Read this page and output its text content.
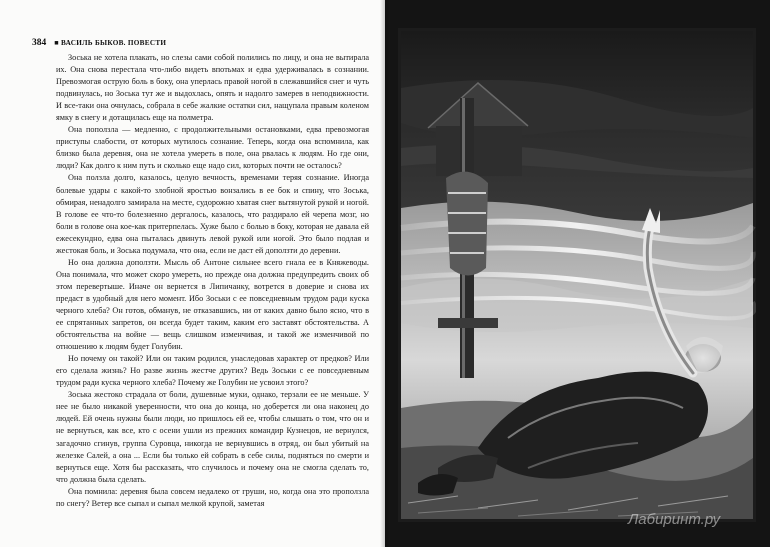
384 ■ ВАСИЛЬ БЫКОВ. ПОВЕСТИ

Зоська не хотела плакать, но слезы сами собой полились по лицу, и она не вытирала их. Она снова перестала что-либо видеть впотьмах и едва удерживалась в сознании. Превозмогая острую боль в боку, она уперлась правой ногой в слежавшийся снег и чуть подвинулась, но Зоська тут же и выдохлась, опять и надолго замерев в неподвижности. И все-таки она очнулась, собрала в себе жалкие остатки сил, нащупала правым коленом ямку в снегу и дотащилась еще на полметра.

Она поползла — медленно, с продолжительными остановками, едва превозмогая приступы слабости, от которых мутилось сознание. Теперь, когда она вспомнила, как близко была деревня, она не хотела умереть в поле, она рвалась к людям. Но где они, люди? Как долго к ним путь и сколько еще надо сил, которых почти не осталось?

Она ползла долго, казалось, целую вечность, временами теряя сознание. Иногда болевые удары с какой-то злобной яростью вонзались в ее бок и спину, что Зоська, обмирая, ненадолго замирала на месте, судорожно хватая снег вытянутой рукой и ногой. В голове ее что-то болезненно дергалось, казалось, что раздирало ей черепа мозг, но боли в голове она кое-как притерпелась. Хуже было с болью в боку, которая не давала ей ежесекундно, едва она пыталась двинуть левой рукой или ногой. Это было подлая и жестокая боль, и Зоська подумала, что она, если не даст ей доползти до деревни.

Но она должна доползти. Мысль об Антоне сильнее всего гнала ее в Княжеводы. Она понимала, что может скоро умереть, но прежде она должна предупредить своих об этом перевертыше. Иначе он вернется в Липичанку, вотрется в доверие и снова их предаст в удобный для него момент. Ибо Зоськи с ее повседневным трудом ради куска черного хлеба? Он готов, обманув, не отказавшись, ни от каких давно было ясно, что в ее спрятанных запретов, он всегда будет таким, каким его заставят обстоятельства. А обстоятельства на войне — вещь слишком изменчивая, и такой же изменчивой по отношению к людям будет Голубин.

Но почему он такой? Или он таким родился, унаследовав характер от предков? Или его сделала жизнь? Но разве жизнь жестче других? Ведь Зоськи с ее повседневным трудом ради куска черного хлеба? Почему же Голубин не усвоил этого?

Зоська жестоко страдала от боли, душевные муки, однако, терзали ее не меньше. У нее не было никакой уверенности, что она до конца, но доберется ли она наконец до людей. Ей очень нужны были люди, но пришлось ей ее, чтобы слышать о том, что он и не вернуться, как все, кто с осени ушли из прежних командир Кузнецов, не вернулся, загадочно сгинув, группа Суровца, никогда не вернувшись в отряд, он был убитый на железке Салей, а она ... Если бы только ей собрать в себе силы, подняться по смерти и вернуться еще. Хотя бы рассказать, что случилось и почему она не смогла сделать то, что должна была сделать.

Она помнила: деревня была совсем недалеко от груши, но, когда она это проползла по снегу? Ветер все сыпал и сыпал мелкой крупой, заметая

Лабиринт.ру
